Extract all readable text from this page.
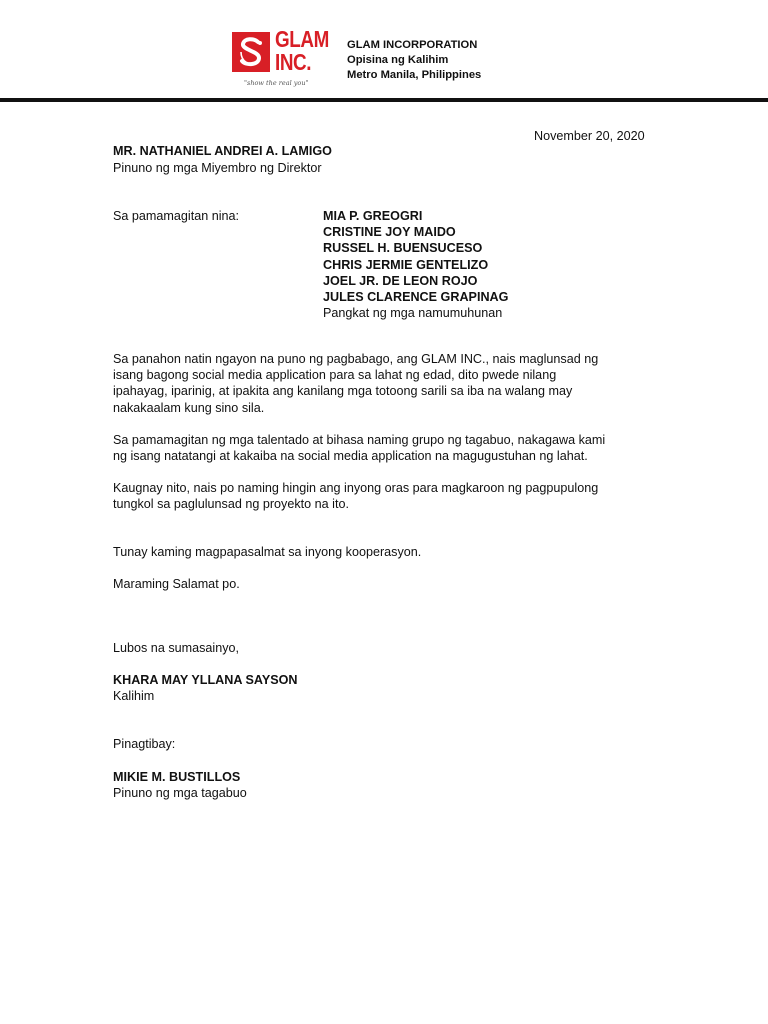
GLAM
INC.
"show the real you"
GLAM INCORPORATION
Opisina ng Kalihim
Metro Manila, Philippines
November 20, 2020
MR. NATHANIEL ANDREI A. LAMIGO
Pinuno ng mga Miyembro ng Direktor
Sa pamamagitan nina:	MIA P. GREOGRI
CRISTINE JOY MAIDO
RUSSEL H. BUENSUCESO
CHRIS JERMIE GENTELIZO
JOEL JR. DE LEON ROJO
JULES CLARENCE GRAPINAG
Pangkat ng mga namumuhunan
Sa panahon natin ngayon na puno ng pagbabago, ang GLAM INC., nais maglunsad ng
isang bagong social media application para sa lahat ng edad, dito pwede nilang
ipahayag, iparinig, at ipakita ang kanilang mga totoong sarili sa iba na walang may
nakakaalam kung sino sila.
Sa pamamagitan ng mga talentado at bihasa naming grupo ng tagabuo, nakagawa kami
ng isang natatangi at kakaiba na social media application na magugustuhan ng lahat.
Kaugnay nito, nais po naming hingin ang inyong oras para magkaroon ng pagpupulong
tungkol sa paglulunsad ng proyekto na ito.
Tunay kaming magpapasalmat sa inyong kooperasyon.
Maraming Salamat po.
Lubos na sumasainyo,
KHARA MAY YLLANA SAYSON
Kalihim
Pinagtibay:
MIKIE M. BUSTILLOS
Pinuno ng mga tagabuo
